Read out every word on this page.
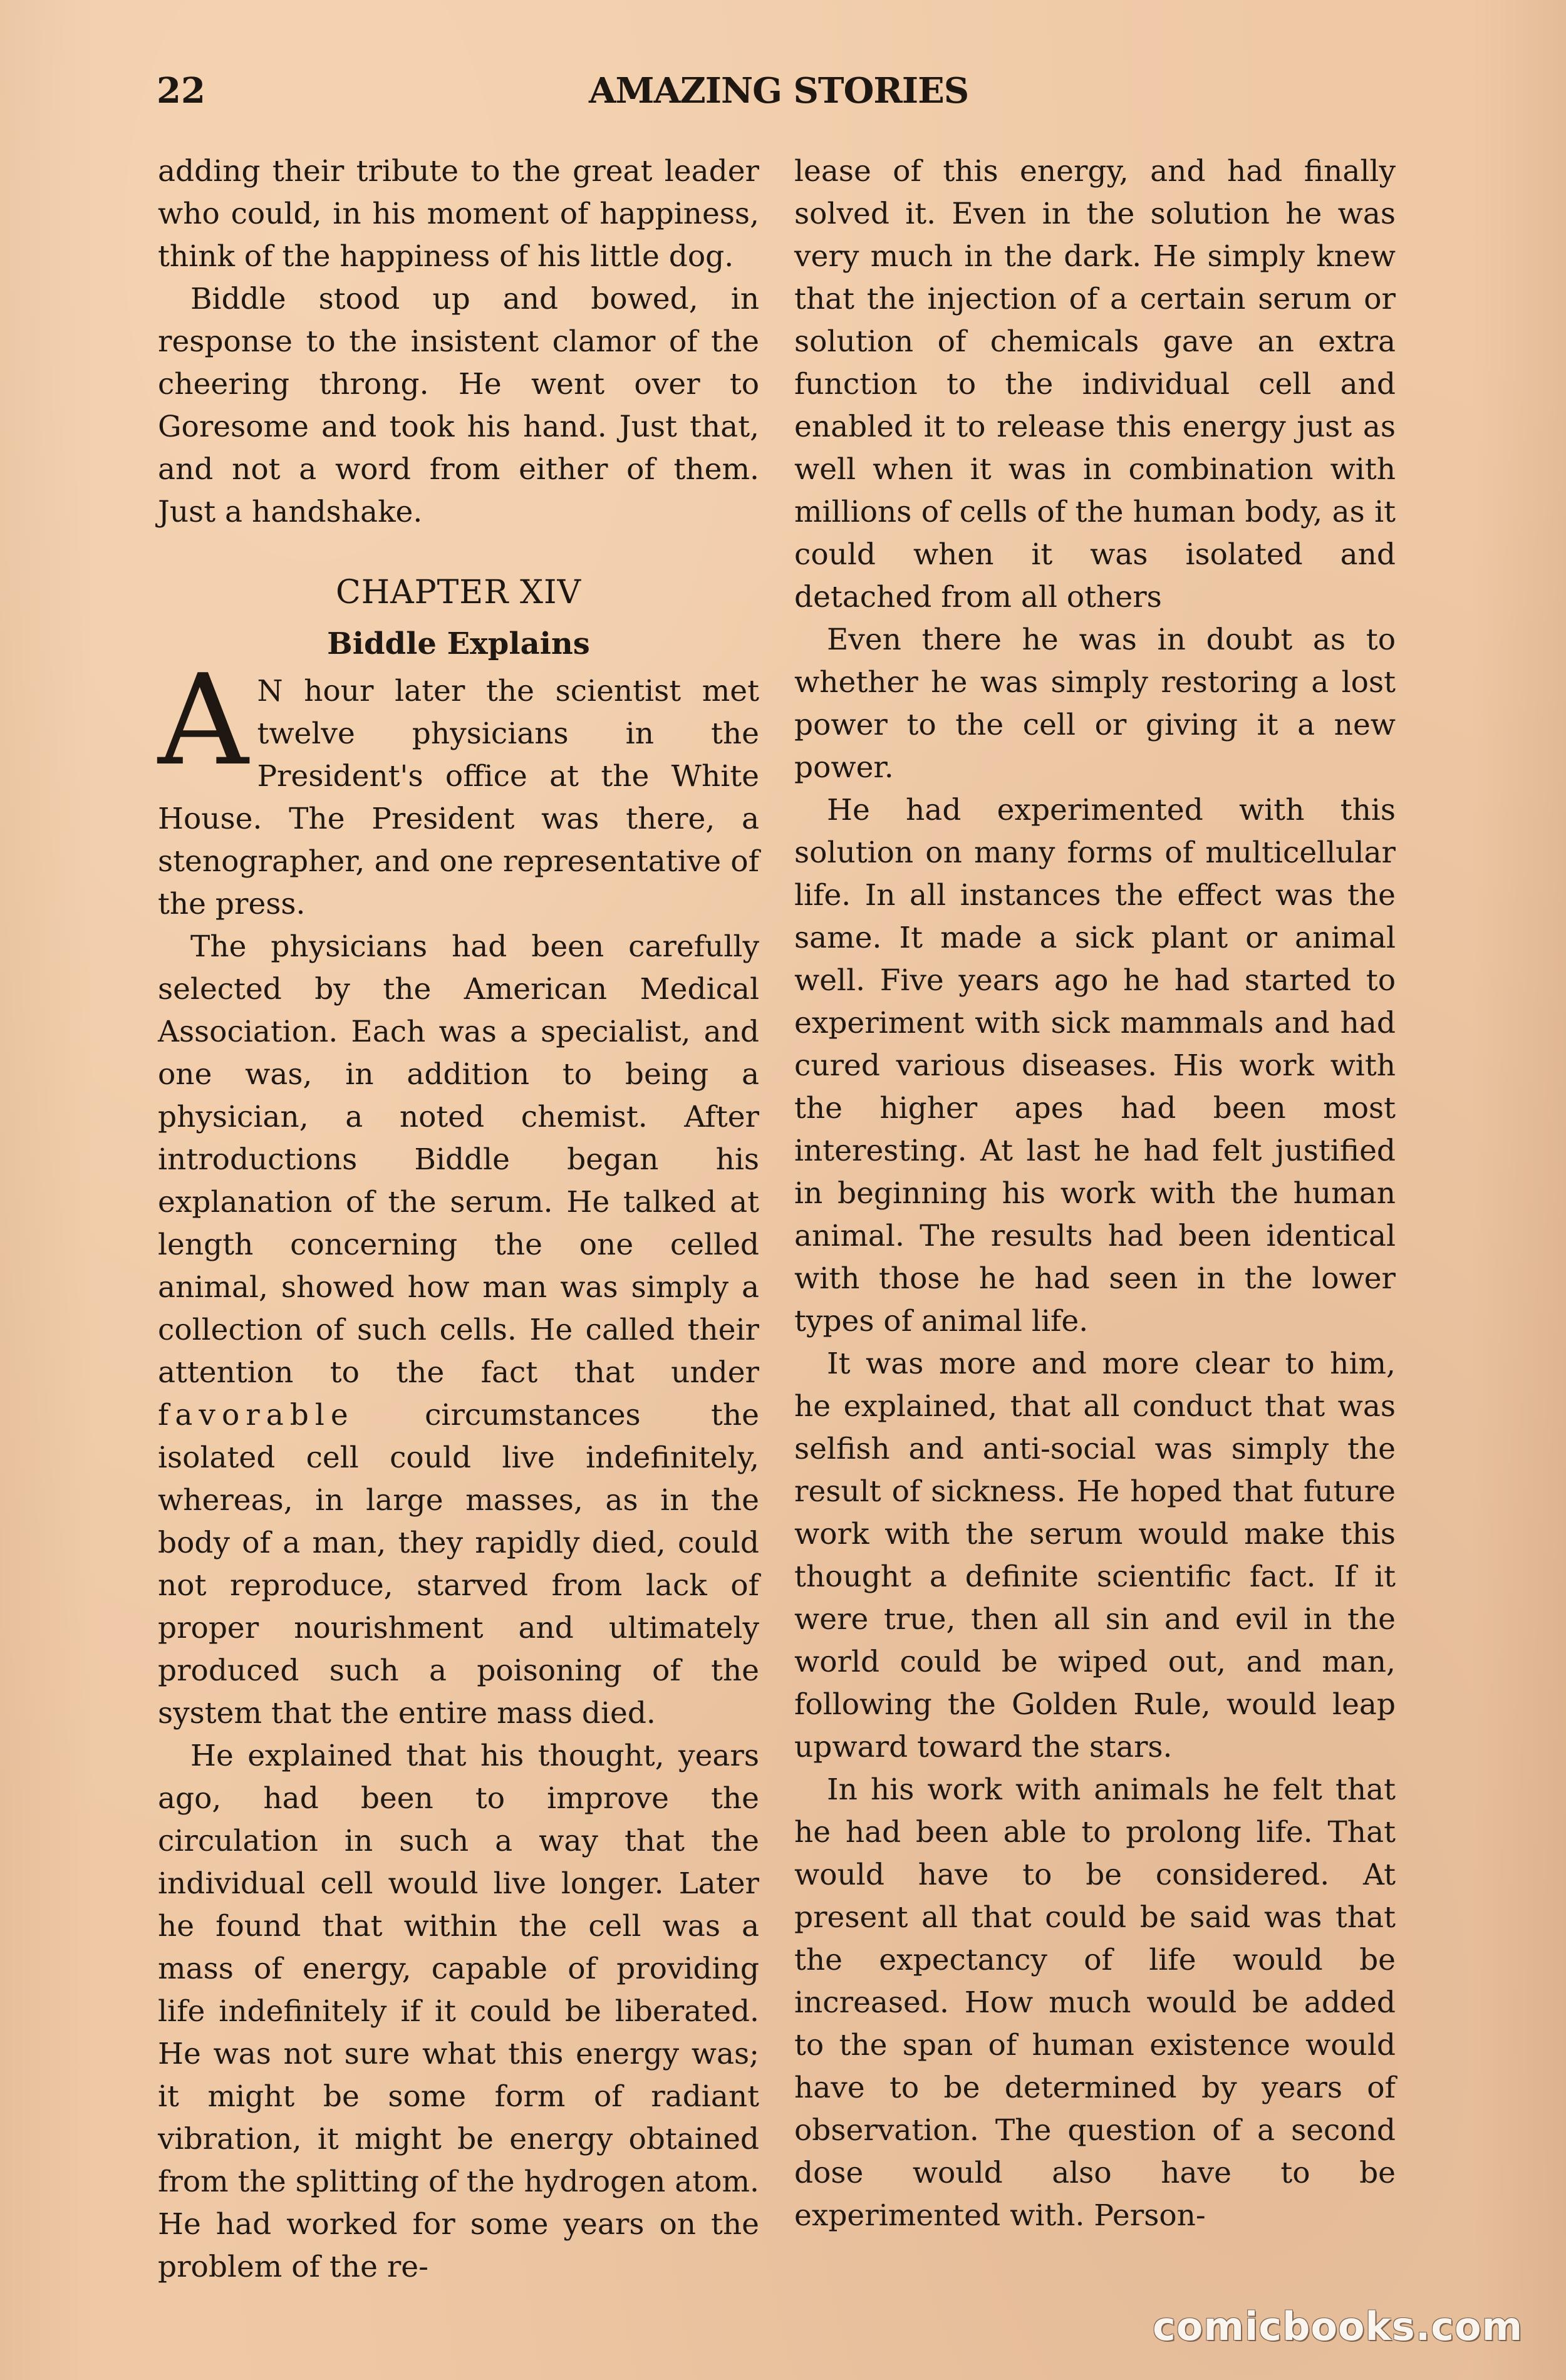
22	AMAZING STORIES

adding their tribute to the great leader who could, in his moment of happiness, think of the happiness of his little dog.

Biddle stood up and bowed, in response to the insistent clamor of the cheering throng. He went over to Goresome and took his hand. Just that, and not a word from either of them. Just a handshake.

CHAPTER XIV
Biddle Explains

A N hour later the scientist met twelve physicians in the President's office at the White House. The President was there, a stenographer, and one representative of the press.

The physicians had been carefully selected by the American Medical Association. Each was a specialist, and one was, in addition to being a physician, a noted chemist. After introductions Biddle began his explanation of the serum. He talked at length concerning the one celled animal, showed how man was simply a collection of such cells. He called their attention to the fact that under favorable circumstances the isolated cell could live indefinitely, whereas, in large masses, as in the body of a man, they rapidly died, could not reproduce, starved from lack of proper nourishment and ultimately produced such a poisoning of the system that the entire mass died.

He explained that his thought, years ago, had been to improve the circulation in such a way that the individual cell would live longer. Later he found that within the cell was a mass of energy, capable of providing life indefinitely if it could be liberated. He was not sure what this energy was; it might be some form of radiant vibration, it might be energy obtained from the splitting of the hydrogen atom. He had worked for some years on the problem of the re-

lease of this energy, and had finally solved it. Even in the solution he was very much in the dark. He simply knew that the injection of a certain serum or solution of chemicals gave an extra function to the individual cell and enabled it to release this energy just as well when it was in combination with millions of cells of the human body, as it could when it was isolated and detached from all others

Even there he was in doubt as to whether he was simply restoring a lost power to the cell or giving it a new power.

He had experimented with this solution on many forms of multicellular life. In all instances the effect was the same. It made a sick plant or animal well. Five years ago he had started to experiment with sick mammals and had cured various diseases. His work with the higher apes had been most interesting. At last he had felt justified in beginning his work with the human animal. The results had been identical with those he had seen in the lower types of animal life.

It was more and more clear to him, he explained, that all conduct that was selfish and anti-social was simply the result of sickness. He hoped that future work with the serum would make this thought a definite scientific fact. If it were true, then all sin and evil in the world could be wiped out, and man, following the Golden Rule, would leap upward toward the stars.

In his work with animals he felt that he had been able to prolong life. That would have to be considered. At present all that could be said was that the expectancy of life would be increased. How much would be added to the span of human existence would have to be determined by years of observation. The question of a second dose would also have to be experimented with. Person-

comicbooks.com
